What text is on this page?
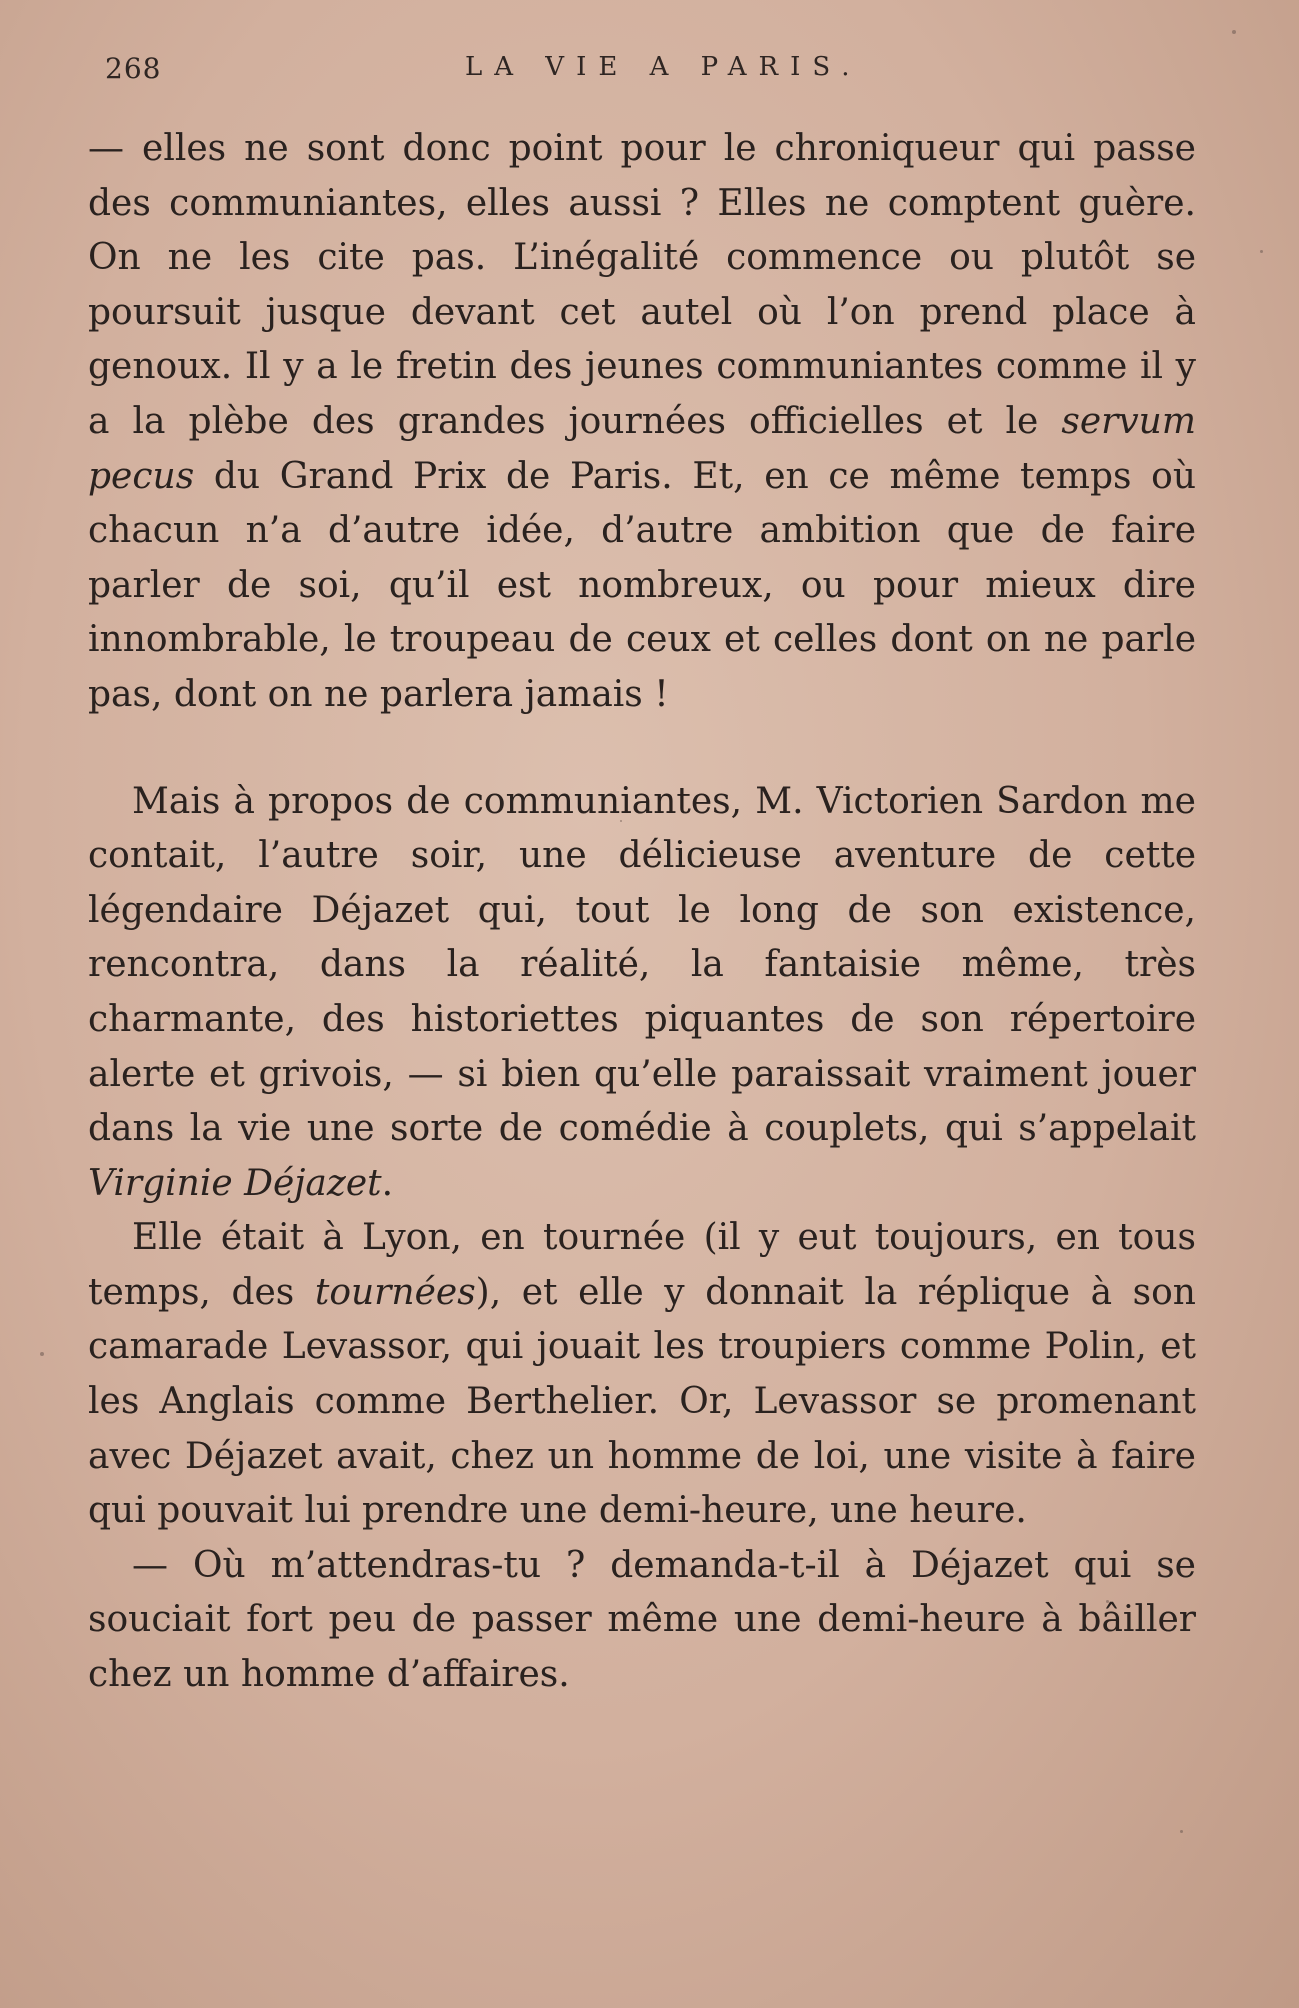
268	LA VIE A PARIS.

— elles ne sont donc point pour le chroniqueur qui passe des communiantes, elles aussi ? Elles ne comptent guère. On ne les cite pas. L’inégalité commence ou plutôt se poursuit jusque devant cet autel où l’on prend place à genoux. Il y a le fretin des jeunes communiantes comme il y a la plèbe des grandes journées officielles et le servum pecus du Grand Prix de Paris. Et, en ce même temps où chacun n’a d’autre idée, d’autre ambition que de faire parler de soi, qu’il est nombreux, ou pour mieux dire innombrable, le troupeau de ceux et celles dont on ne parle pas, dont on ne parlera jamais !

Mais à propos de communiantes, M. Victorien Sardon me contait, l’autre soir, une délicieuse aventure de cette légendaire Déjazet qui, tout le long de son existence, rencontra, dans la réalité, la fantaisie même, très charmante, des historiettes piquantes de son répertoire alerte et grivois, — si bien qu’elle paraissait vraiment jouer dans la vie une sorte de comédie à couplets, qui s’appelait Virginie Déjazet.

Elle était à Lyon, en tournée (il y eut toujours, en tous temps, des tournées), et elle y donnait la réplique à son camarade Levassor, qui jouait les troupiers comme Polin, et les Anglais comme Berthelier. Or, Levassor se promenant avec Déjazet avait, chez un homme de loi, une visite à faire qui pouvait lui prendre une demi-heure, une heure.

— Où m’attendras-tu ? demanda-t-il à Déjazet qui se souciait fort peu de passer même une demi-heure à bâiller chez un homme d’affaires.
